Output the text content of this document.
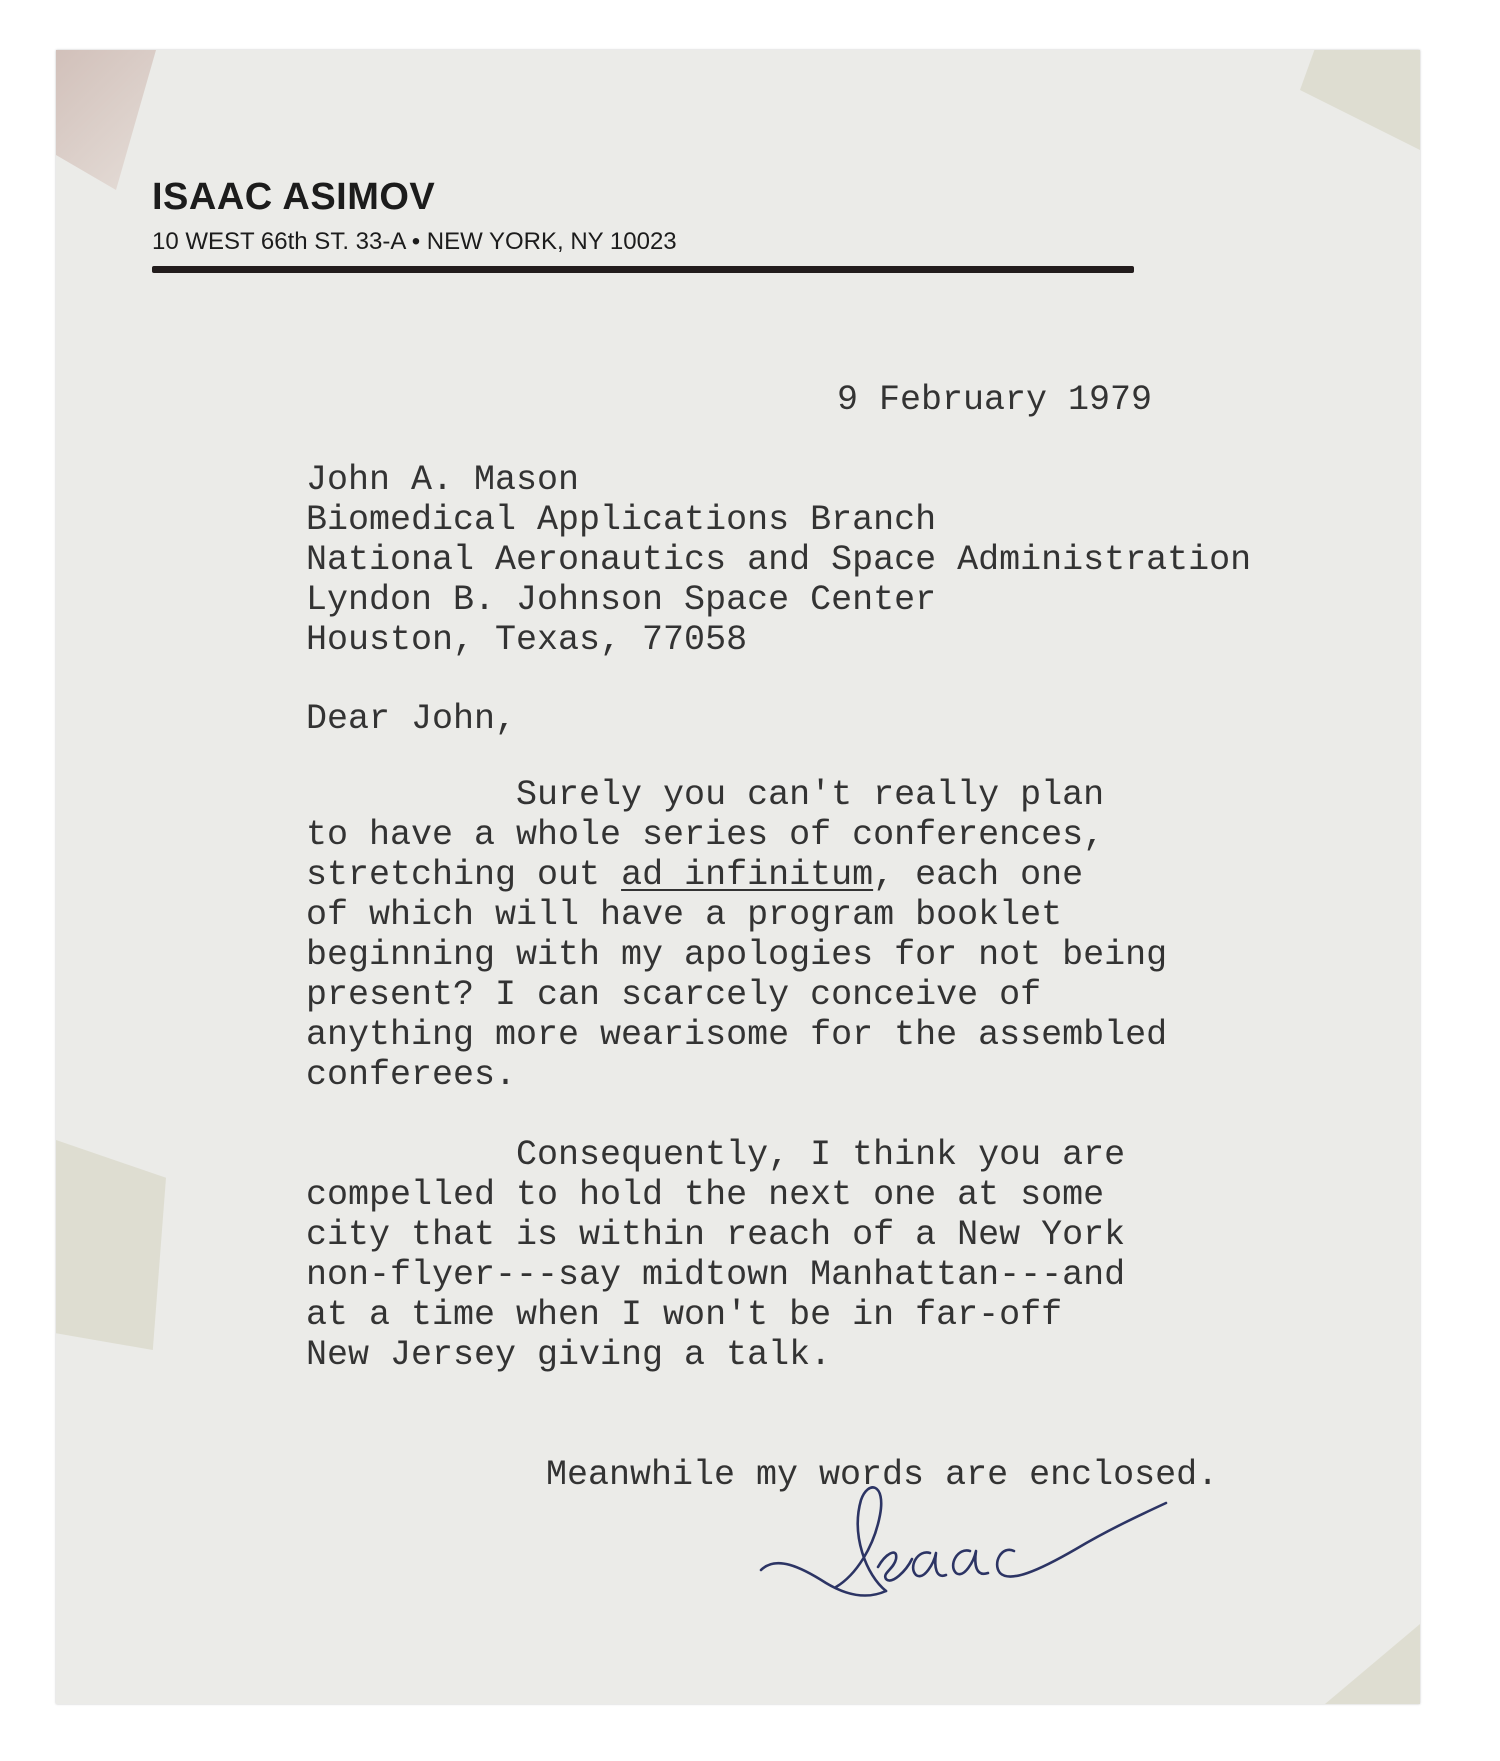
ISAAC ASIMOV
10 WEST 66th ST. 33-A • NEW YORK, NY 10023
9 February 1979
John A. Mason
Biomedical Applications Branch
National Aeronautics and Space Administration
Lyndon B. Johnson Space Center
Houston, Texas, 77058
Dear John,
Surely you can't really plan
to have a whole series of conferences,
stretching out ad infinitum, each one
of which will have a program booklet
beginning with my apologies for not being
present? I can scarcely conceive of
anything more wearisome for the assembled
conferees.
Consequently, I think you are
compelled to hold the next one at some
city that is within reach of a New York
non-flyer---say midtown Manhattan---and
at a time when I won't be in far-off
New Jersey giving a talk.
Meanwhile my words are enclosed.
